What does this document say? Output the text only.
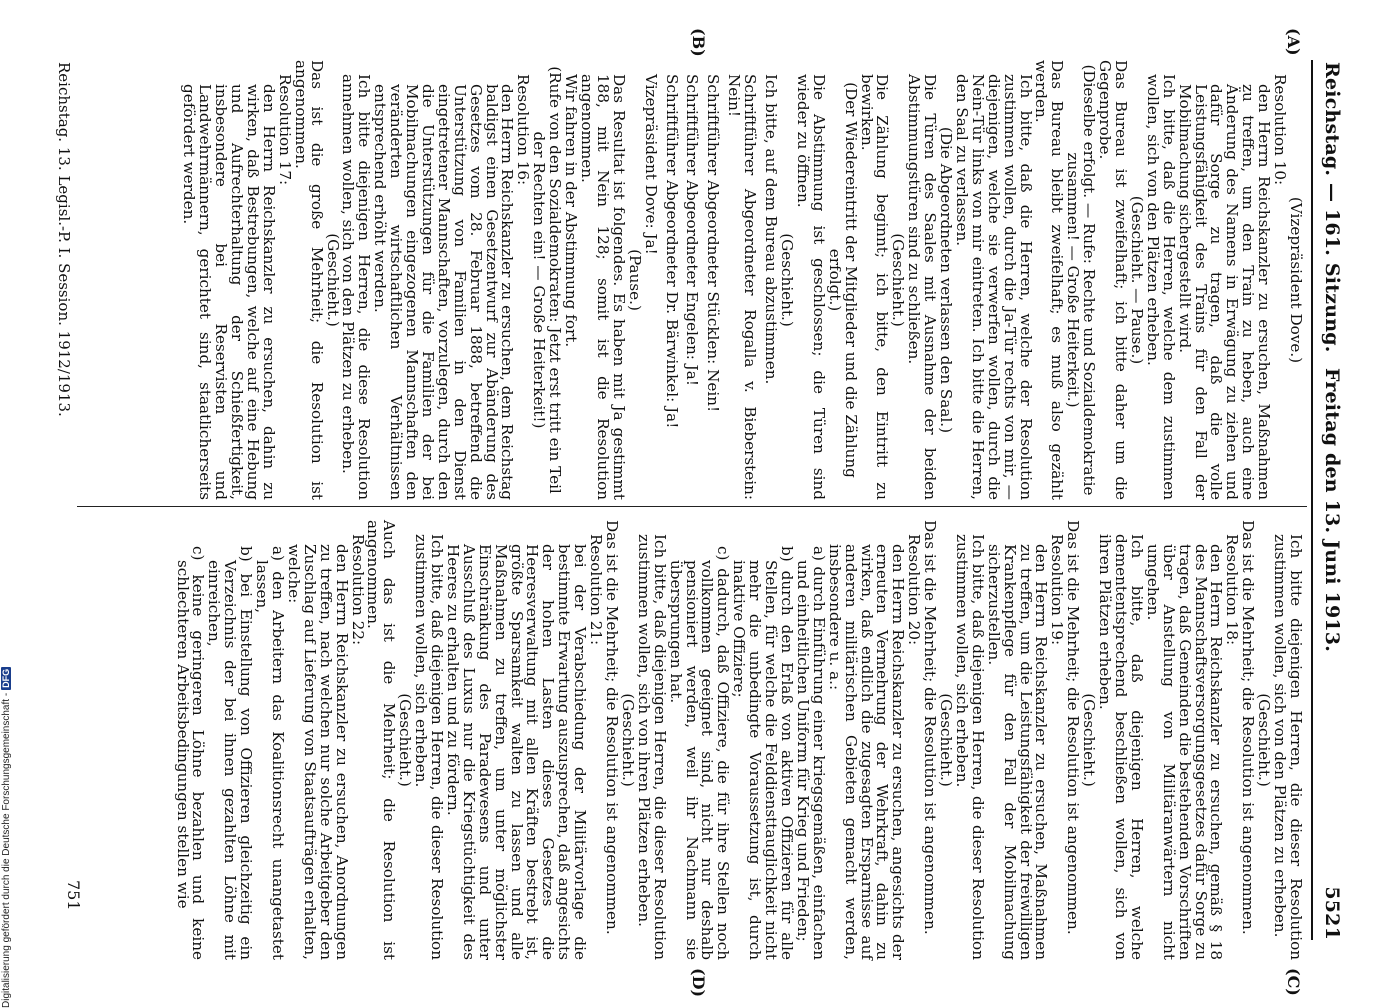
Digitalisierung gefördert durch die Deutsche Forschungsgemeinschaft -DFG
Reichstag. — 161. Sitzung.
Freitag den 13. Juni 1913.
5521
(A)
(B)
(C)
(D)

(Vizepräsident Dove.)

Resolution 10:

den Herrn Reichskanzler zu ersuchen, Maßnahmen zu treffen, um den Train zu heben, auch eine Änderung des Namens in Erwägung zu ziehen und dafür Sorge zu tragen, daß die volle Leistungsfähigkeit des Trains für den Fall der Mobilmachung sichergestellt wird.

Ich bitte, daß die Herren, welche dem zustimmen wollen, sich von den Plätzen erheben.

(Geschieht. — Pause.)

Das Bureau ist zweifelhaft; ich bitte daher um die Gegenprobe.

(Dieselbe erfolgt. — Rufe: Rechte und Sozialdemokratie zusammen! — Große Heiterkeit.)

Das Bureau bleibt zweifelhaft; es muß also gezählt werden.

Ich bitte, daß die Herren, welche der Resolution zustimmen wollen, durch die Ja-Tür rechts von mir, — diejenigen, welche sie verwerfen wollen, durch die Nein-Tür links von mir eintreten. Ich bitte die Herren, den Saal zu verlassen.

(Die Abgeordneten verlassen den Saal.)

Die Türen des Saales mit Ausnahme der beiden Abstimmungstüren sind zu schließen.

(Geschieht.)

Die Zählung beginnt; ich bitte, den Eintritt zu bewirken.

(Der Wiedereintritt der Mitglieder und die Zählung erfolgt.)

Die Abstimmung ist geschlossen; die Türen sind wieder zu öffnen.

(Geschieht.)

Ich bitte, auf dem Bureau abzustimmen.

Schriftführer Abgeordneter Rogalla v. Bieberstein: Nein!

Schriftführer Abgeordneter Stücklen: Nein!

Schriftführer Abgeordneter Engelen: Ja!

Schriftführer Abgeordneter Dr. Bärwinkel: Ja!

Vizepräsident Dove: Ja!

(Pause.)

Das Resultat ist folgendes. Es haben mit Ja gestimmt 188, mit Nein 128; somit ist die Resolution angenommen.

Wir fahren in der Abstimmung fort.

(Rufe von den Sozialdemokraten: Jetzt erst tritt ein Teil der Rechten ein! — Große Heiterkeit!)

Resolution 16:

den Herrn Reichskanzler zu ersuchen, dem Reichstag baldigst einen Gesetzentwurf zur Abänderung des Gesetzes vom 28. Februar 1888, betreffend die Unterstützung von Familien in den Dienst eingetretener Mannschaften, vorzulegen, durch den die Unterstützungen für die Familien der bei Mobilmachungen eingezogenen Mannschaften den veränderten wirtschaftlichen Verhältnissen entsprechend erhöht werden.

Ich bitte diejenigen Herren, die diese Resolution annehmen wollen, sich von den Plätzen zu erheben.

(Geschieht.)

Das ist die große Mehrheit; die Resolution ist angenommen.

Resolution 17:

den Herrn Reichskanzler zu ersuchen, dahin zu wirken, daß Bestrebungen, welche auf eine Hebung und Aufrechterhaltung der Schießfertigkeit, insbesondere bei Reservisten und Landwehrmännern, gerichtet sind, staatlicherseits gefördert werden.

Ich bitte diejenigen Herren, die dieser Resolution zustimmen wollen, sich von den Plätzen zu erheben.

(Geschieht.)

Das ist die Mehrheit; die Resolution ist angenommen.

Resolution 18:

den Herrn Reichskanzler zu ersuchen, gemäß § 18 des Mannschaftsversorgungsgesetzes dafür Sorge zu tragen, daß Gemeinden die bestehenden Vorschriften über Anstellung von Militäranwärtern nicht umgehen.

Ich bitte, daß diejenigen Herren, welche demententsprechend beschließen wollen, sich von ihren Plätzen erheben.

(Geschieht.)

Das ist die Mehrheit; die Resolution ist angenommen.

Resolution 19:

den Herrn Reichskanzler zu ersuchen, Maßnahmen zu treffen, um die Leistungsfähigkeit der freiwilligen Krankenpflege für den Fall der Mobilmachung sicherzustellen.

Ich bitte, daß diejenigen Herren, die dieser Resolution zustimmen wollen, sich erheben.

(Geschieht.)

Das ist die Mehrheit; die Resolution ist angenommen.

Resolution 20:

den Herrn Reichskanzler zu ersuchen, angesichts der erneuten Vermehrung der Wehrkraft, dahin zu wirken, daß endlich die zugesagten Ersparnisse auf anderen militärischen Gebieten gemacht werden, insbesondere u. a.:

a) durch Einführung einer kriegsgemäßen, einfachen und einheitlichen Uniform für Krieg und Frieden;

b) durch den Erlaß von aktiven Offizieren für alle Stellen, für welche die Felddiensttauglichkeit nicht mehr die unbedingte Voraussetzung ist, durch inaktive Offiziere;

c) dadurch, daß Offiziere, die für ihre Stellen noch vollkommen geeignet sind, nicht nur deshalb pensioniert werden, weil ihr Nachmann sie übersprungen hat.

Ich bitte, daß diejenigen Herren, die dieser Resolution zustimmen wollen, sich von ihren Plätzen erheben.

(Geschieht.)

Das ist die Mehrheit; die Resolution ist angenommen.

Resolution 21:

bei der Verabschiedung der Militärvorlage die bestimmte Erwartung auszusprechen, daß angesichts der hohen Lasten dieses Gesetzes die Heeresverwaltung mit allen Kräften bestrebt ist, größte Sparsamkeit walten zu lassen und alle Maßnahmen zu treffen, um unter möglichster Einschränkung des Paradewesens und unter Ausschluß des Luxus nur die Kriegstüchtigkeit des Heeres zu erhalten und zu fördern.

Ich bitte, daß diejenigen Herren, die dieser Resolution zustimmen wollen, sich erheben.

(Geschieht.)

Auch das ist die Mehrheit; die Resolution ist angenommen.

Resolution 22:

den Herrn Reichskanzler zu ersuchen, Anordnungen zu treffen, nach welchen nur solche Arbeitgeber den Zuschlag auf Lieferung von Staatsaufträgen erhalten, welche:

a) den Arbeitern das Koalitionsrecht unangetastet lassen,

b) bei Einstellung von Offizieren gleichzeitig ein Verzeichnis der bei ihnen gezahlten Löhne mit einreichen,

c) keine geringeren Löhne bezahlen und keine schlechteren Arbeitsbedingungen stellen wie

Reichstag. 13. Legisl.-P. I. Session. 1912/1913.
751
